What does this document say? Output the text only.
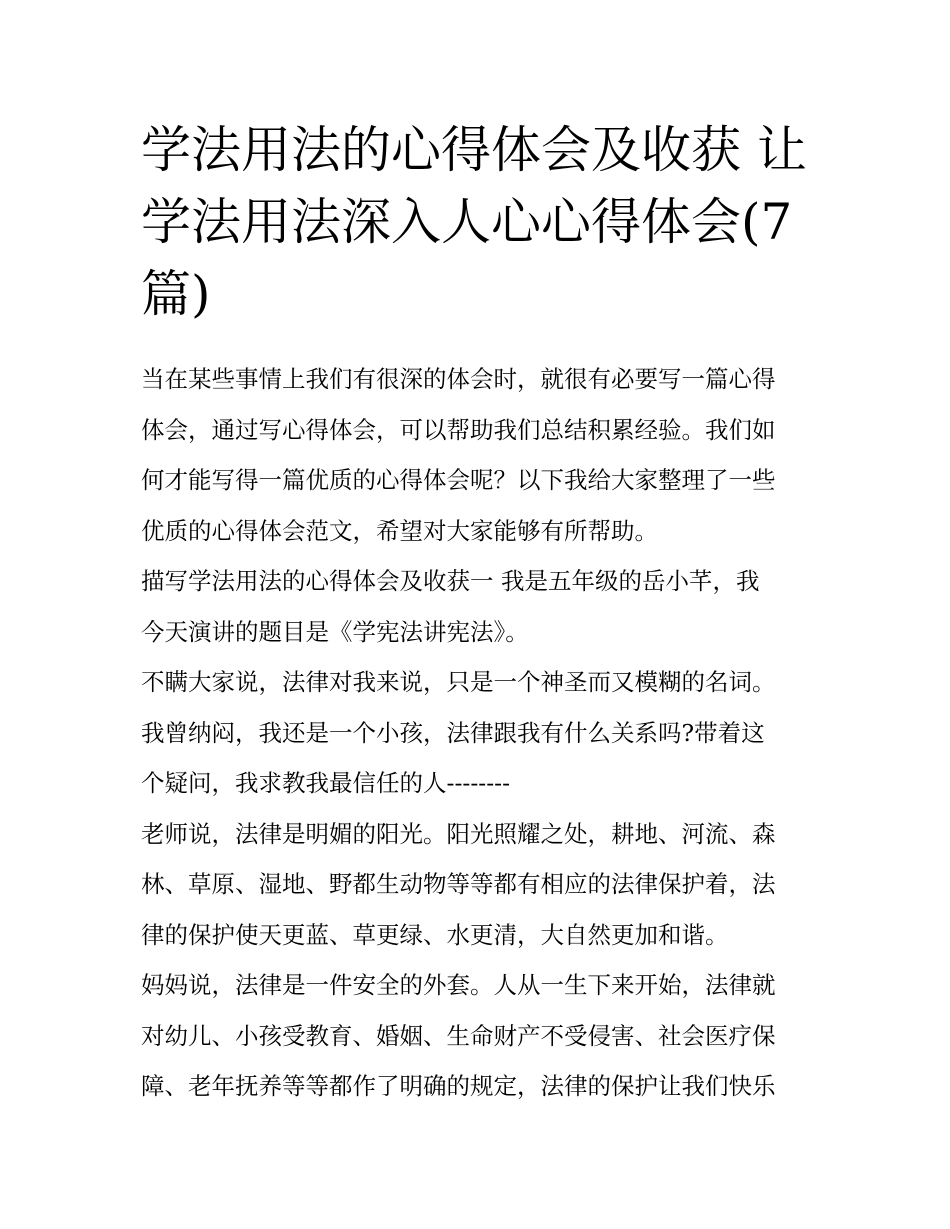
学法用法的心得体会及收获 让
学法用法深入人心心得体会(7
篇)

当在某些事情上我们有很深的体会时，就很有必要写一篇心得
体会，通过写心得体会，可以帮助我们总结积累经验。我们如
何才能写得一篇优质的心得体会呢？以下我给大家整理了一些
优质的心得体会范文，希望对大家能够有所帮助。

描写学法用法的心得体会及收获一 我是五年级的岳小芊，我
今天演讲的题目是《学宪法讲宪法》。

不瞒大家说，法律对我来说，只是一个神圣而又模糊的名词。
我曾纳闷，我还是一个小孩，法律跟我有什么关系吗?带着这
个疑问，我求教我最信任的人--------

老师说，法律是明媚的阳光。阳光照耀之处，耕地、河流、森
林、草原、湿地、野都生动物等等都有相应的法律保护着，法
律的保护使天更蓝、草更绿、水更清，大自然更加和谐。

妈妈说，法律是一件安全的外套。人从一生下来开始，法律就
对幼儿、小孩受教育、婚姻、生命财产不受侵害、社会医疗保
障、老年抚养等等都作了明确的规定，法律的保护让我们快乐
